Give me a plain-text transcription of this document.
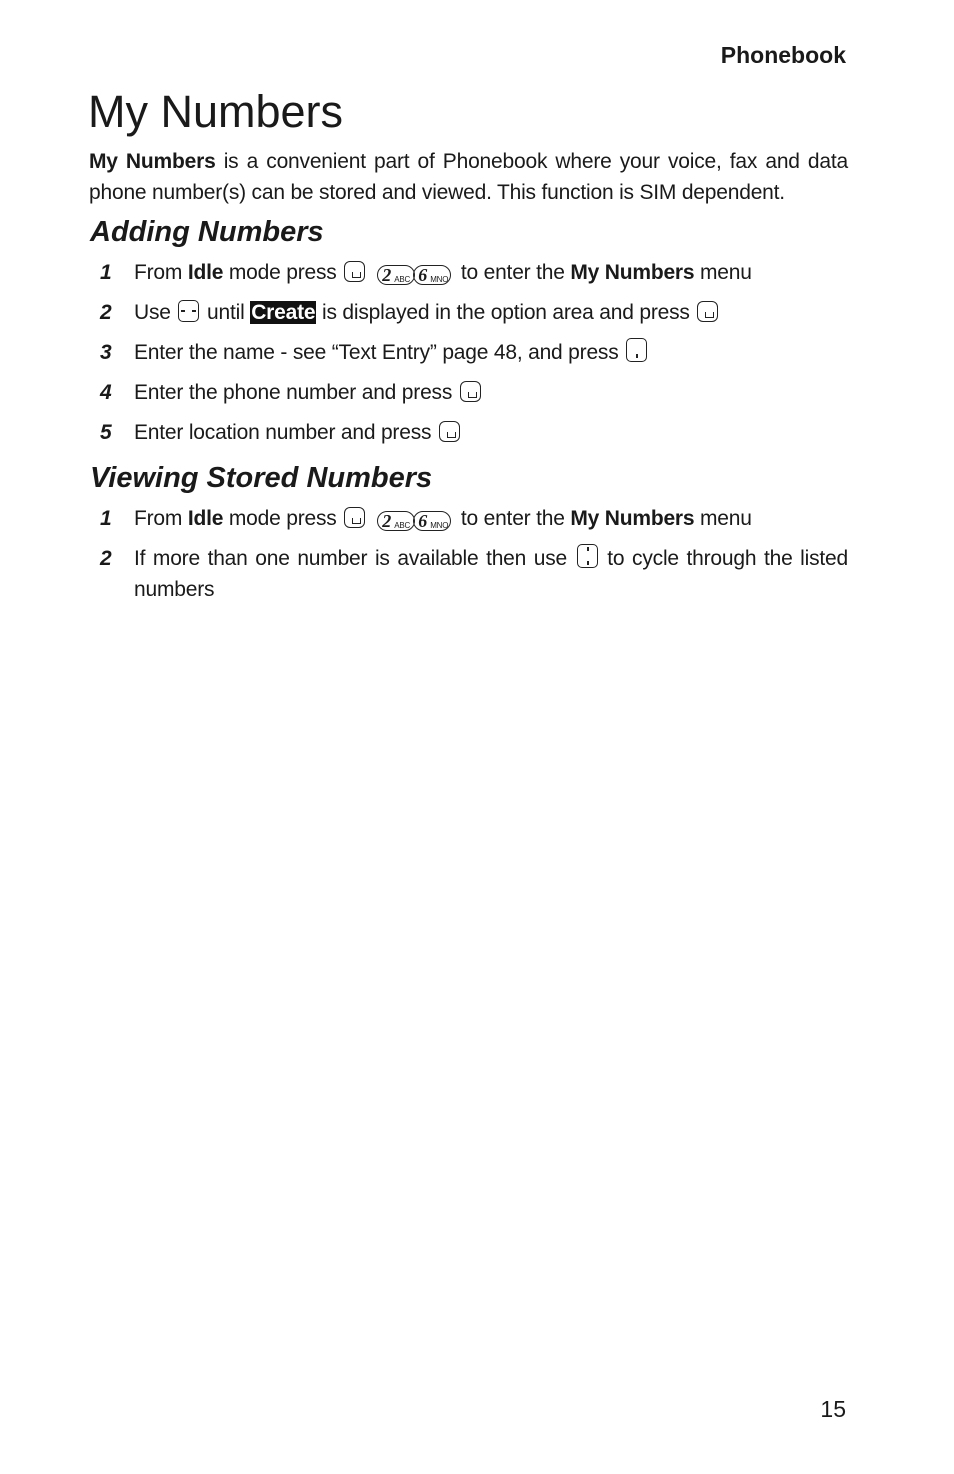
Phonebook
My Numbers

My Numbers is a convenient part of Phonebook where your voice, fax and data phone number(s) can be stored and viewed. This function is SIM dependent.

Adding Numbers
1 From Idle mode press	2 ABC 6 MNO to enter the My Numbers menu
2 Use  until Create is displayed in the option area and press
3 Enter the name - see “Text Entry” page 48, and press
4 Enter the phone number and press
5 Enter location number and press
Viewing Stored Numbers
1 From Idle mode press	2 ABC 6 MNO to enter the My Numbers menu
2 If more than one number is available then use  to cycle through the listed numbers
15
